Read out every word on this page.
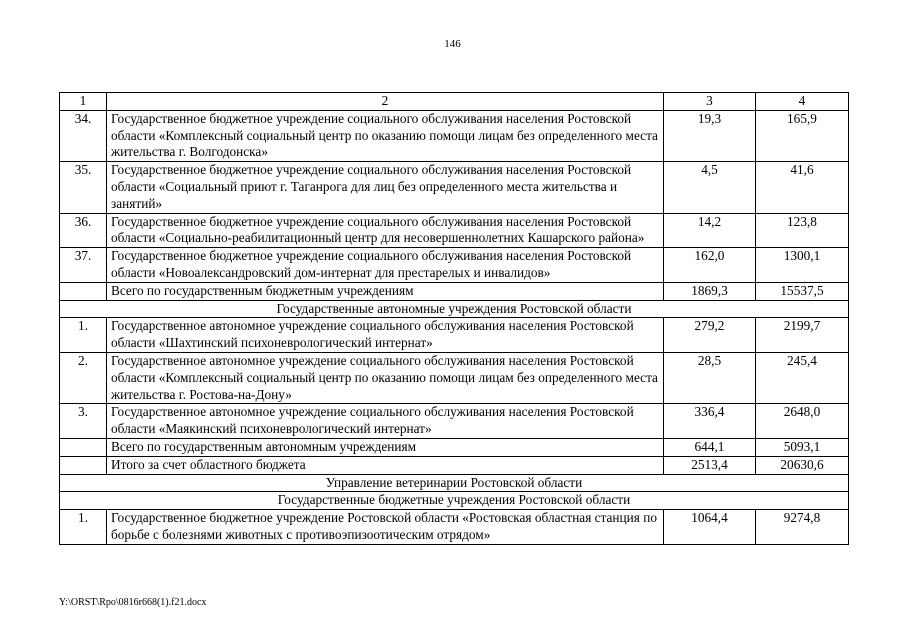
146
1	2	3	4
34.	Государственное бюджетное учреждение социального обслуживания населения Ростовской области «Комплексный социальный центр по оказанию помощи лицам без определенного места жительства г. Волгодонска»	19,3	165,9
35.	Государственное бюджетное учреждение социального обслуживания населения Ростовской области «Социальный приют г. Таганрога для лиц без определенного места жительства и занятий»	4,5	41,6
36.	Государственное бюджетное учреждение социального обслуживания населения Ростовской области «Социально-реабилитационный центр для несовершеннолетних Кашарского района»	14,2	123,8
37.	Государственное бюджетное учреждение социального обслуживания населения Ростовской области «Новоалександровский дом-интернат для престарелых и инвалидов»	162,0	1300,1
	Всего по государственным бюджетным учреждениям	1869,3	15537,5
Государственные автономные учреждения Ростовской области			
1.	Государственное автономное учреждение социального обслуживания населения Ростовской области «Шахтинский психоневрологический интернат»	279,2	2199,7
2.	Государственное автономное учреждение социального обслуживания населения Ростовской области «Комплексный социальный центр по оказанию помощи лицам без определенного места жительства г. Ростова-на-Дону»	28,5	245,4
3.	Государственное автономное учреждение социального обслуживания населения Ростовской области «Маякинский психоневрологический интернат»	336,4	2648,0
	Всего по государственным автономным учреждениям	644,1	5093,1
	Итого за счет областного бюджета	2513,4	20630,6
Управление ветеринарии Ростовской области			
Государственные бюджетные учреждения Ростовской области			
1.	Государственное бюджетное учреждение Ростовской области «Ростовская областная станция по борьбе с болезнями животных с противоэпизоотическим отрядом»	1064,4	9274,8
Y:\ORST\Rpo\0816r668(1).f21.docx
